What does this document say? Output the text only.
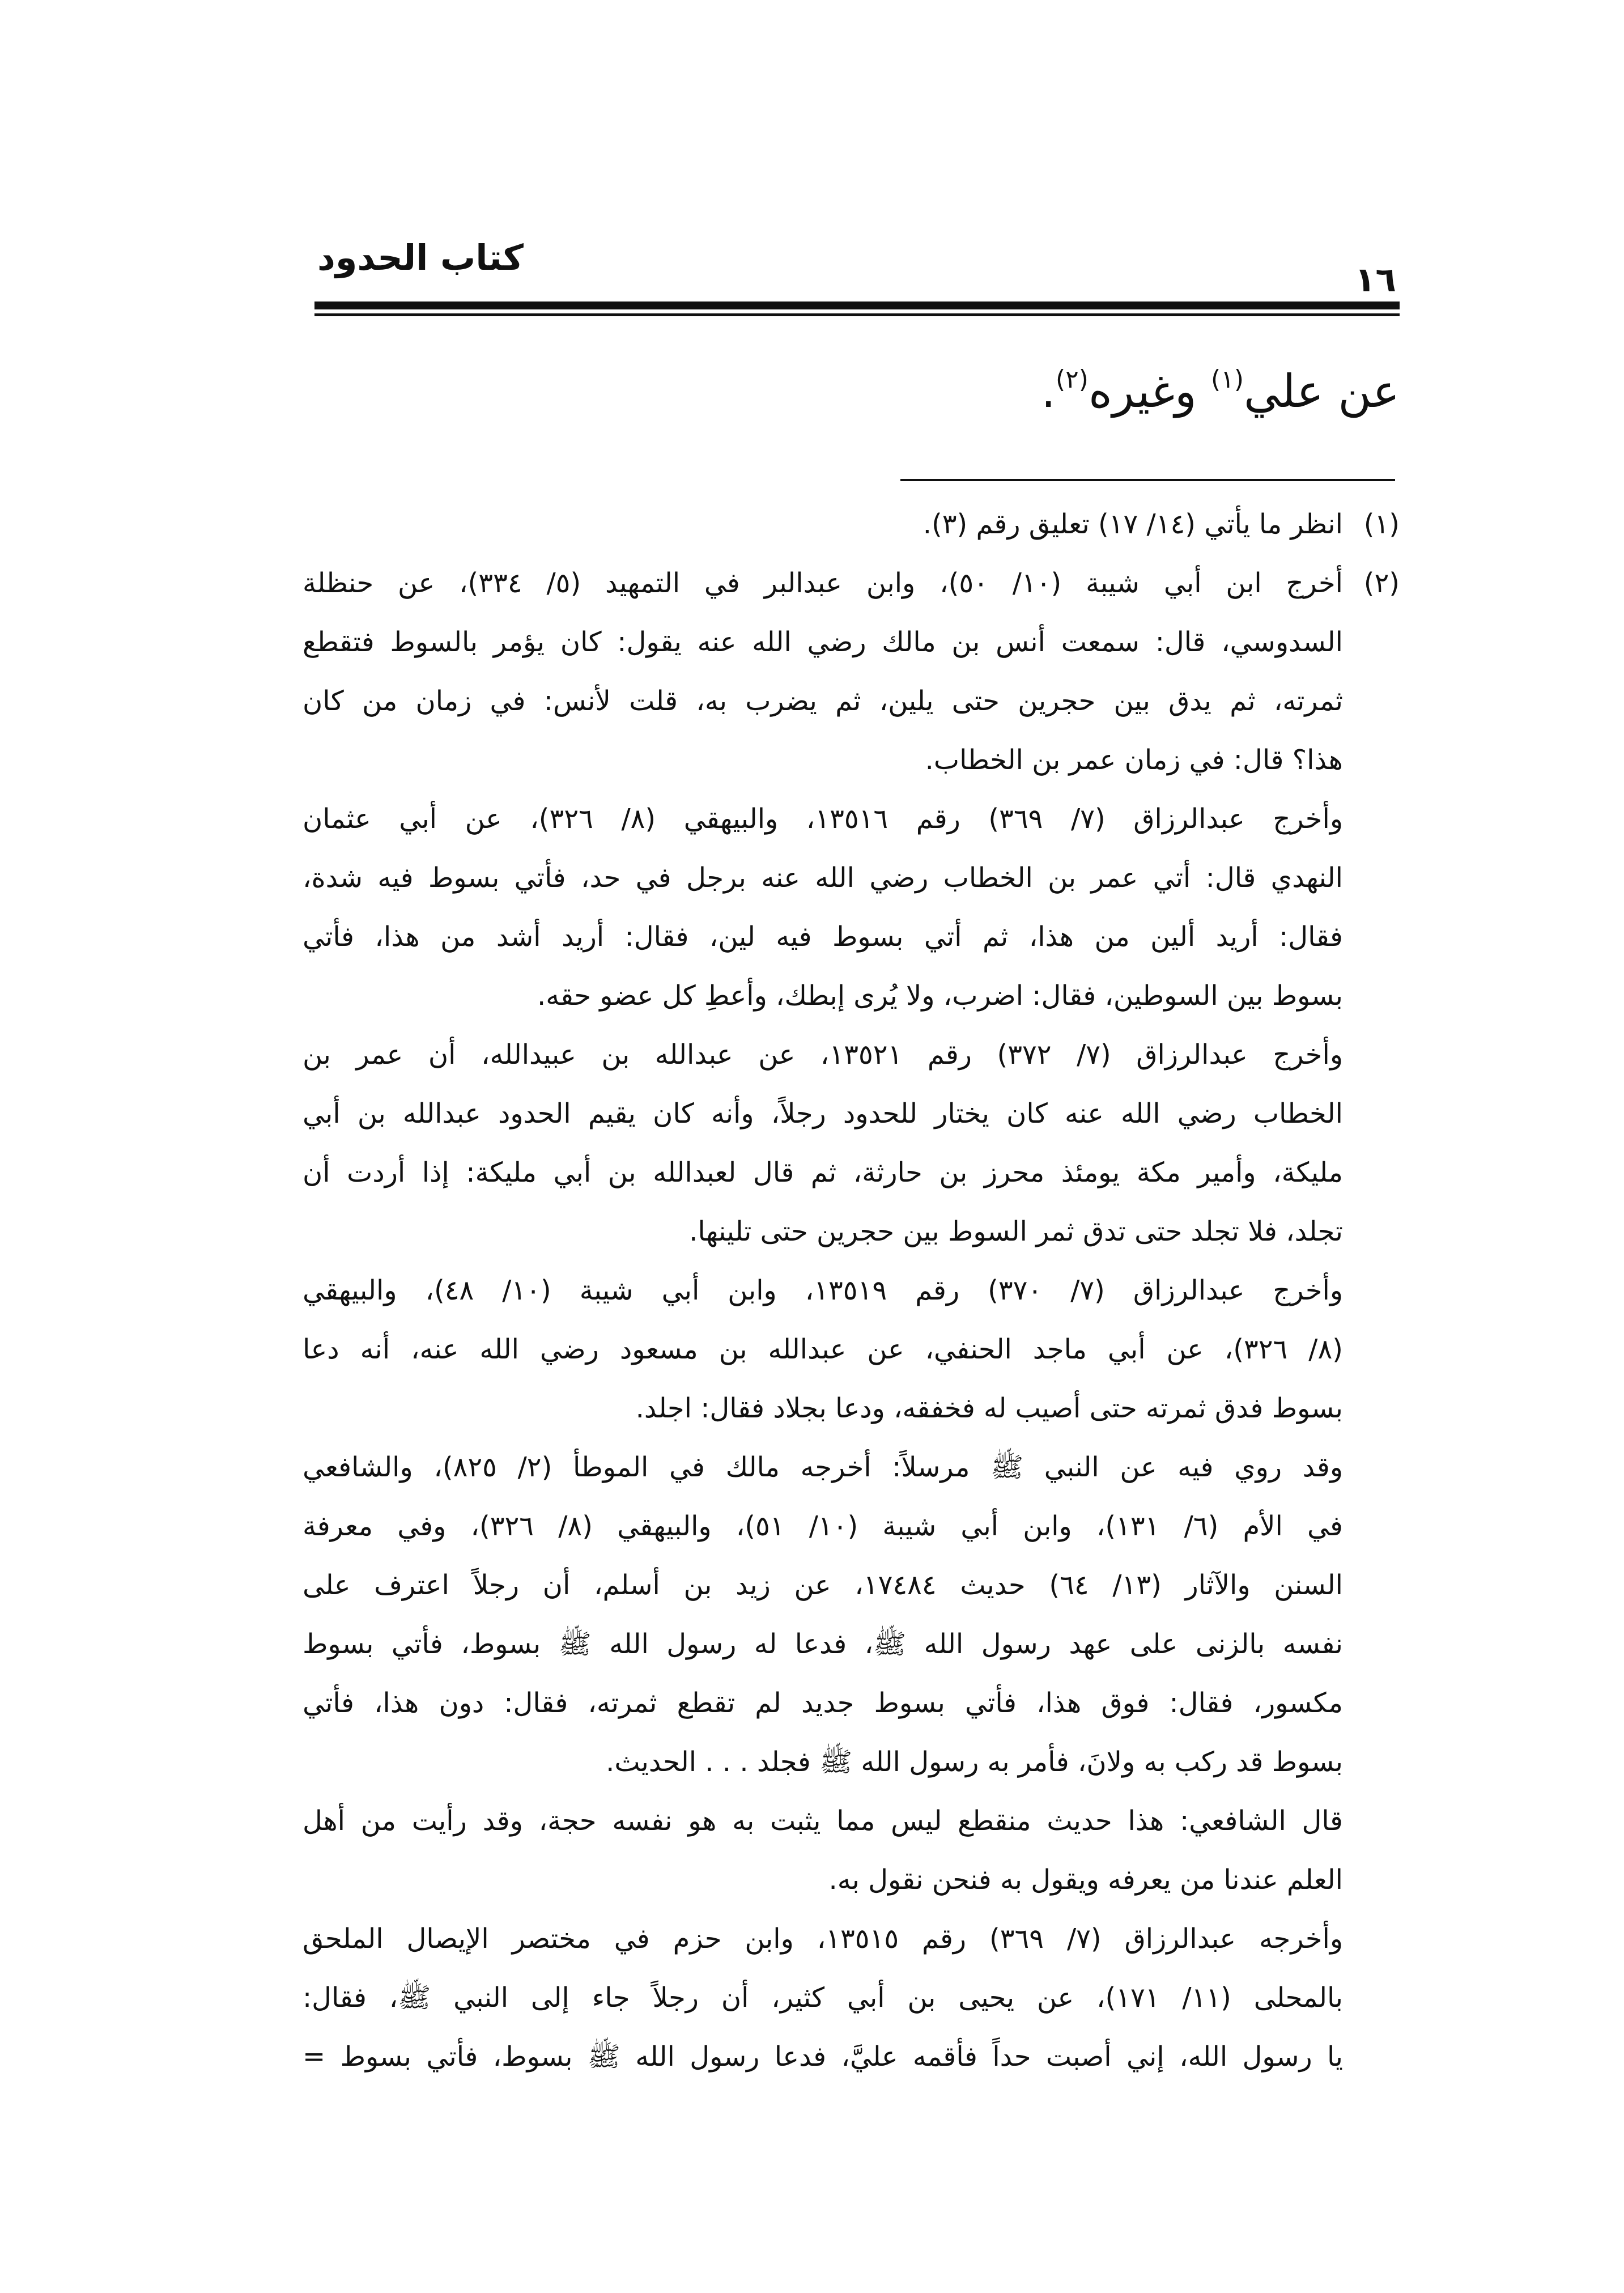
كتاب الحدود
١٦
عن علي$^{(١)}$ وغيره$^{(٢)}$.
(١)
انظر ما يأتي (١٤/ ١٧) تعليق رقم (٣).
(٢)
أخرج ابن أبي شيبة (١٠/ ٥٠)، وابن عبدالبر في التمهيد (٥/ ٣٣٤)، عن حنظلة
السدوسي، قال: سمعت أنس بن مالك رضي الله عنه يقول: كان يؤمر بالسوط فتقطع
ثمرته، ثم يدق بين حجرين حتى يلين، ثم يضرب به، قلت لأنس: في زمان من كان
هذا؟ قال: في زمان عمر بن الخطاب.
وأخرج عبدالرزاق (٧/ ٣٦٩) رقم ١٣٥١٦، والبيهقي (٨/ ٣٢٦)، عن أبي عثمان
النهدي قال: أتي عمر بن الخطاب رضي الله عنه برجل في حد، فأتي بسوط فيه شدة،
فقال: أريد ألين من هذا، ثم أتي بسوط فيه لين، فقال: أريد أشد من هذا، فأتي
بسوط بين السوطين، فقال: اضرب، ولا يُرى إبطك، وأعطِ كل عضو حقه.
وأخرج عبدالرزاق (٧/ ٣٧٢) رقم ١٣٥٢١، عن عبدالله بن عبيدالله، أن عمر بن
الخطاب رضي الله عنه كان يختار للحدود رجلاً، وأنه كان يقيم الحدود عبدالله بن أبي
مليكة، وأمير مكة يومئذ محرز بن حارثة، ثم قال لعبدالله بن أبي مليكة: إذا أردت أن
تجلد، فلا تجلد حتى تدق ثمر السوط بين حجرين حتى تلينها.
وأخرج عبدالرزاق (٧/ ٣٧٠) رقم ١٣٥١٩، وابن أبي شيبة (١٠/ ٤٨)، والبيهقي
(٨/ ٣٢٦)، عن أبي ماجد الحنفي، عن عبدالله بن مسعود رضي الله عنه، أنه دعا
بسوط فدق ثمرته حتى أصيب له فخفقه، ودعا بجلاد فقال: اجلد.
وقد روي فيه عن النبي ﷺ مرسلاً: أخرجه مالك في الموطأ (٢/ ٨٢٥)، والشافعي
في الأم (٦/ ١٣١)، وابن أبي شيبة (١٠/ ٥١)، والبيهقي (٨/ ٣٢٦)، وفي معرفة
السنن والآثار (١٣/ ٦٤) حديث ١٧٤٨٤، عن زيد بن أسلم، أن رجلاً اعترف على
نفسه بالزنى على عهد رسول الله ﷺ، فدعا له رسول الله ﷺ بسوط، فأتي بسوط
مكسور، فقال: فوق هذا، فأتي بسوط جديد لم تقطع ثمرته، فقال: دون هذا، فأتي
بسوط قد ركب به ولانَ، فأمر به رسول الله ﷺ فجلد . . . الحديث.
قال الشافعي: هذا حديث منقطع ليس مما يثبت به هو نفسه حجة، وقد رأيت من أهل
العلم عندنا من يعرفه ويقول به فنحن نقول به.
وأخرجه عبدالرزاق (٧/ ٣٦٩) رقم ١٣٥١٥، وابن حزم في مختصر الإيصال الملحق
بالمحلى (١١/ ١٧١)، عن يحيى بن أبي كثير، أن رجلاً جاء إلى النبي ﷺ، فقال:
يا رسول الله، إني أصبت حداً فأقمه عليَّ، فدعا رسول الله ﷺ بسوط، فأتي بسوط =
